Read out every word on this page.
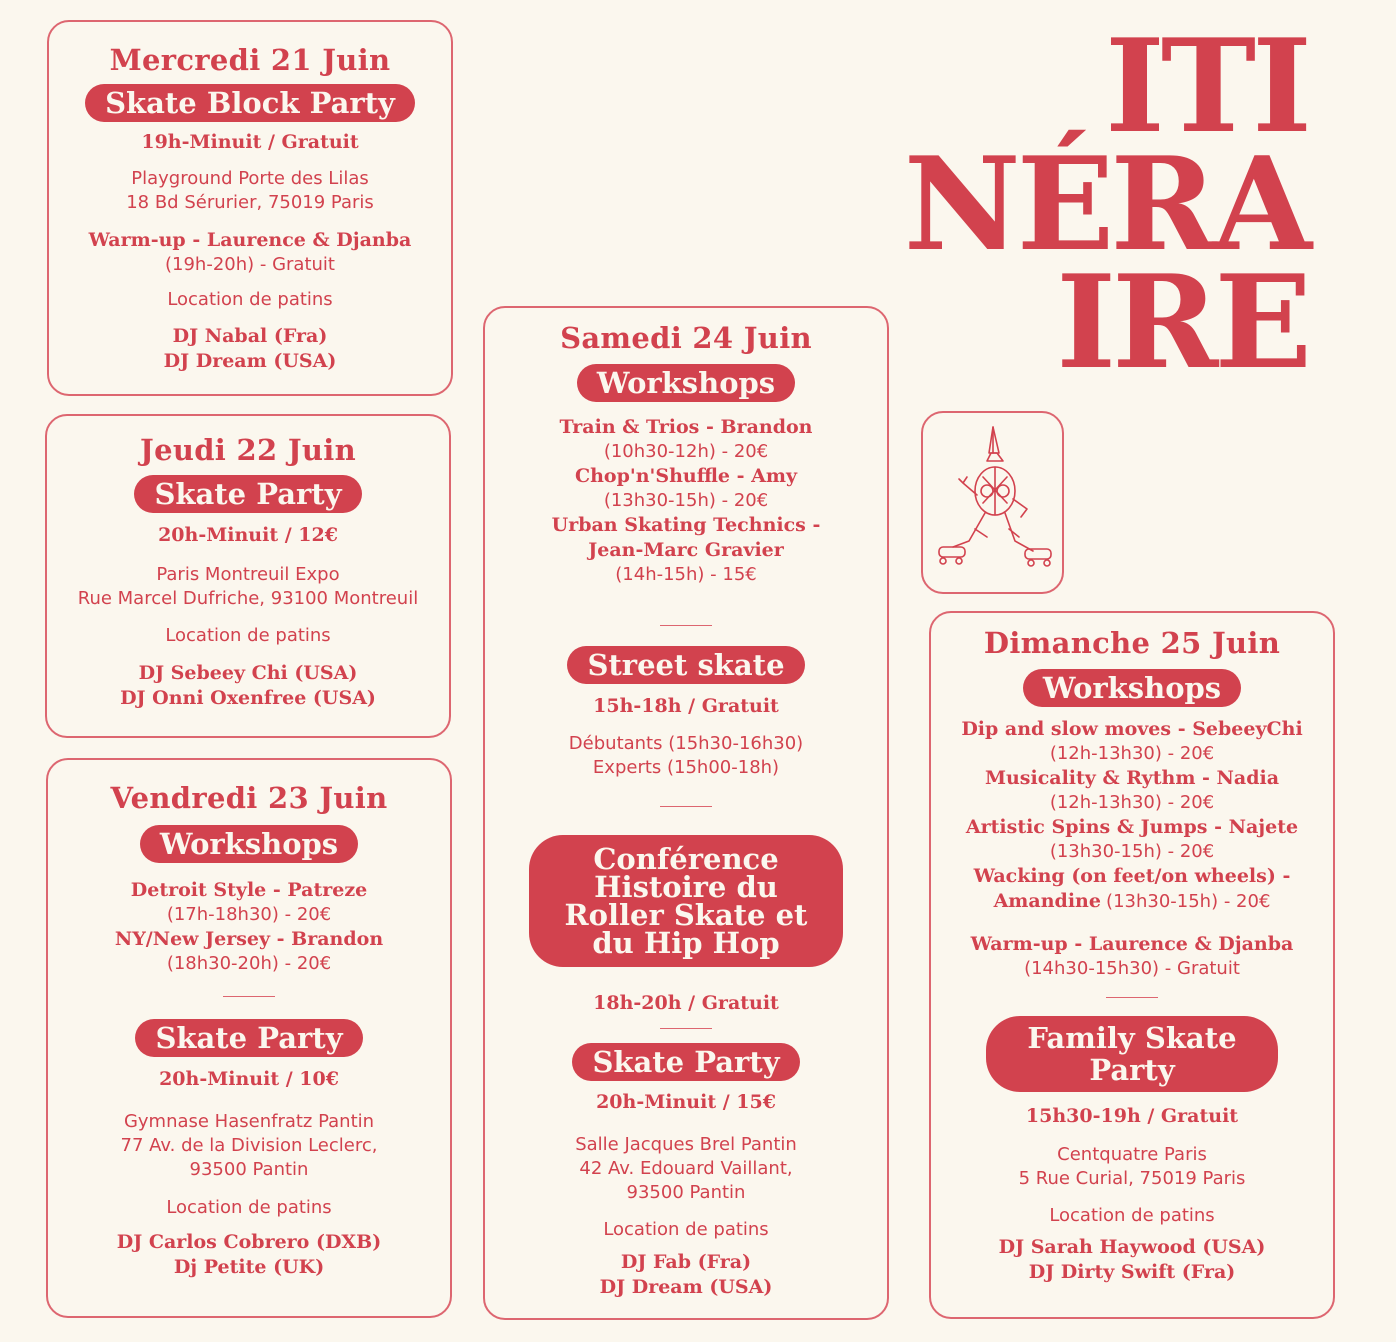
ITI
NÉRA
IRE
Mercredi 21 Juin
Skate Block Party
19h-Minuit / Gratuit
Playground Porte des Lilas
18 Bd Sérurier, 75019 Paris
Warm-up - Laurence & Djanba
(19h-20h) - Gratuit
Location de patins
DJ Nabal (Fra)
DJ Dream (USA)
Jeudi 22 Juin
Skate Party
20h-Minuit / 12€
Paris Montreuil Expo
Rue Marcel Dufriche, 93100 Montreuil
Location de patins
DJ Sebeey Chi (USA)
DJ Onni Oxenfree (USA)
Vendredi 23 Juin
Workshops
Detroit Style - Patreze
(17h-18h30) - 20€
NY/New Jersey - Brandon
(18h30-20h) - 20€
Skate Party
20h-Minuit / 10€
Gymnase Hasenfratz Pantin
77 Av. de la Division Leclerc,
93500 Pantin
Location de patins
DJ Carlos Cobrero (DXB)
Dj Petite (UK)
Samedi 24 Juin
Workshops
Train & Trios - Brandon
(10h30-12h) - 20€
Chop'n'Shuffle - Amy
(13h30-15h) - 20€
Urban Skating Technics -
Jean-Marc Gravier
(14h-15h) - 15€
Street skate
15h-18h / Gratuit
Débutants (15h30-16h30)
Experts (15h00-18h)
Conférence Histoire du Roller Skate et du Hip Hop
18h-20h / Gratuit
Skate Party
20h-Minuit / 15€
Salle Jacques Brel Pantin
42 Av. Edouard Vaillant,
93500 Pantin
Location de patins
DJ Fab (Fra)
DJ Dream (USA)
Dimanche 25 Juin
Workshops
Dip and slow moves - SebeeyChi
(12h-13h30) - 20€
Musicality & Rythm - Nadia
(12h-13h30) - 20€
Artistic Spins & Jumps - Najete
(13h30-15h) - 20€
Wacking (on feet/on wheels) -
Amandine (13h30-15h) - 20€
Warm-up - Laurence & Djanba
(14h30-15h30) - Gratuit
Family Skate Party
15h30-19h / Gratuit
Centquatre Paris
5 Rue Curial, 75019 Paris
Location de patins
DJ Sarah Haywood (USA)
DJ Dirty Swift (Fra)
